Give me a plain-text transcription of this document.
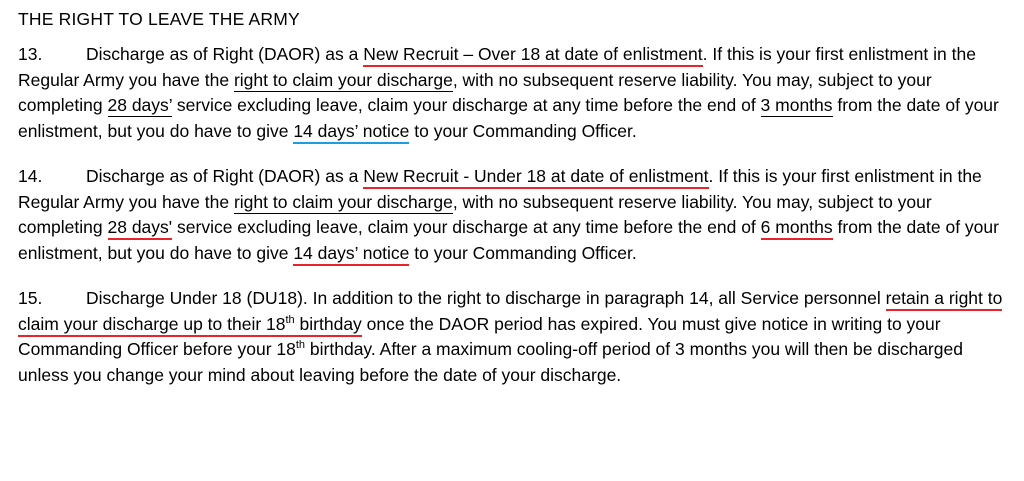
THE RIGHT TO LEAVE THE ARMY

13. Discharge as of Right (DAOR) as a New Recruit – Over 18 at date of enlistment. If this is your first enlistment in the Regular Army you have the right to claim your discharge, with no subsequent reserve liability. You may, subject to your completing 28 days’ service excluding leave, claim your discharge at any time before the end of 3 months from the date of your enlistment, but you do have to give 14 days’ notice to your Commanding Officer.

14. Discharge as of Right (DAOR) as a New Recruit - Under 18 at date of enlistment. If this is your first enlistment in the Regular Army you have the right to claim your discharge, with no subsequent reserve liability. You may, subject to your completing 28 days' service excluding leave, claim your discharge at any time before the end of 6 months from the date of your enlistment, but you do have to give 14 days’ notice to your Commanding Officer.

15. Discharge Under 18 (DU18). In addition to the right to discharge in paragraph 14, all Service personnel retain a right to claim your discharge up to their 18th birthday once the DAOR period has expired. You must give notice in writing to your Commanding Officer before your 18th birthday. After a maximum cooling-off period of 3 months you will then be discharged unless you change your mind about leaving before the date of your discharge.
